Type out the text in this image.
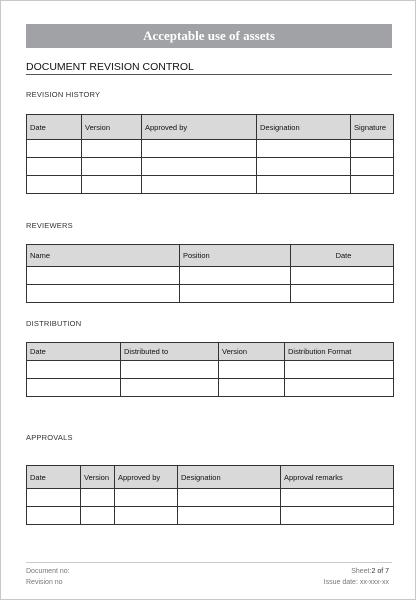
Acceptable use of assets
DOCUMENT REVISION CONTROL
REVISION HISTORY
Date	Version	Approved by	Designation	Signature

REVIEWERS
Name	Position	Date

DISTRIBUTION
Date	Distributed to	Version	Distribution Format

APPROVALS
Date	Version	Approved by	Designation	Approval remarks

Document no:
Revision no
Sheet:2 of 7
Issue date: xx-xxx-xx
